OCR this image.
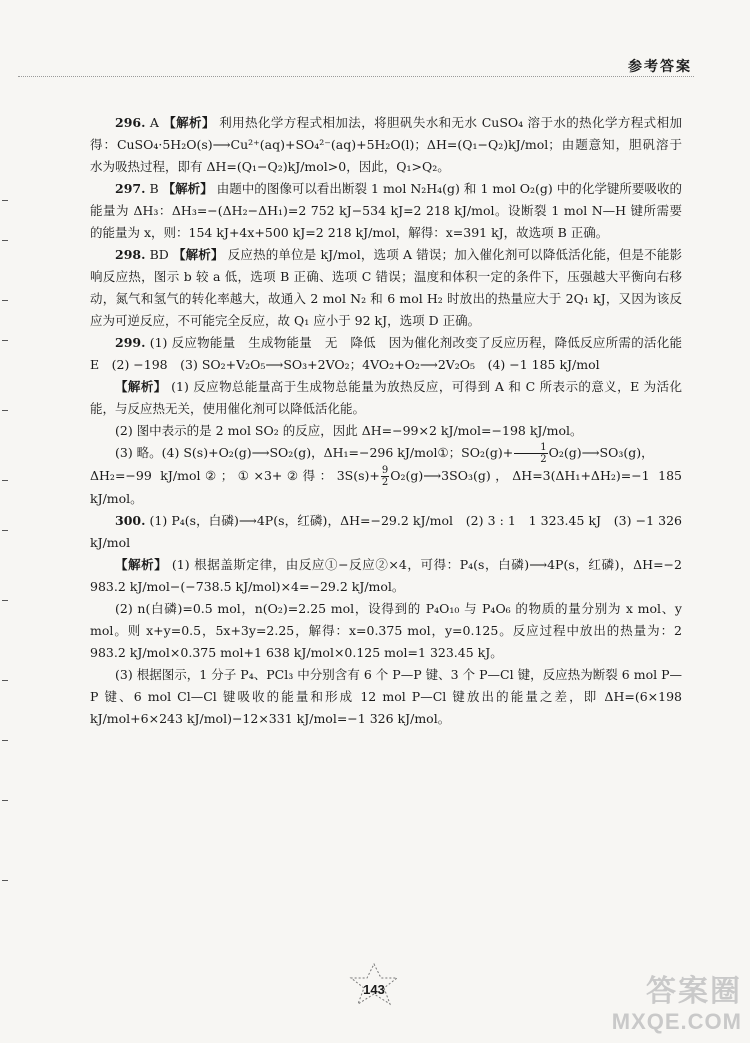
参考答案

296. A 【解析】 利用热化学方程式相加法，将胆矾失水和无水 CuSO₄ 溶于水的热化学方程式相加得：CuSO₄·5H₂O(s)⟶Cu²⁺(aq)+SO₄²⁻(aq)+5H₂O(l)；ΔH=(Q₁−Q₂)kJ/mol；由题意知，胆矾溶于水为吸热过程，即有 ΔH=(Q₁−Q₂)kJ/mol>0，因此，Q₁>Q₂。

297. B 【解析】 由题中的图像可以看出断裂 1 mol N₂H₄(g) 和 1 mol O₂(g) 中的化学键所要吸收的能量为 ΔH₃：ΔH₃=−(ΔH₂−ΔH₁)=2 752 kJ−534 kJ=2 218 kJ/mol。设断裂 1 mol N—H 键所需要的能量为 x，则：154 kJ+4x+500 kJ=2 218 kJ/mol，解得：x=391 kJ，故选项 B 正确。

298. BD 【解析】 反应热的单位是 kJ/mol，选项 A 错误；加入催化剂可以降低活化能，但是不能影响反应热，图示 b 较 a 低，选项 B 正确、选项 C 错误；温度和体积一定的条件下，压强越大平衡向右移动，氮气和氢气的转化率越大，故通入 2 mol N₂ 和 6 mol H₂ 时放出的热量应大于 2Q₁ kJ，又因为该反应为可逆反应，不可能完全反应，故 Q₁ 应小于 92 kJ，选项 D 正确。

299. (1) 反应物能量　生成物能量　无　降低　因为催化剂改变了反应历程，降低反应所需的活化能 E　(2) −198　(3) SO₂+V₂O₅⟶SO₃+2VO₂；4VO₂+O₂⟶2V₂O₅　(4) −1 185 kJ/mol

【解析】 (1) 反应物总能量高于生成物总能量为放热反应，可得到 A 和 C 所表示的意义，E 为活化能，与反应热无关，使用催化剂可以降低活化能。

(2) 图中表示的是 2 mol SO₂ 的反应，因此 ΔH=−99×2 kJ/mol=−198 kJ/mol。

(3) 略。(4) S(s)+O₂(g)⟶SO₂(g)，ΔH₁=−296 kJ/mol①；$SO_2(g)+ \frac{1}{2}$ O₂(g)⟶SO₃(g)，

ΔH₂=−99 kJ/mol②；①×3+②得：$3S(s)+ \frac{9}{2}$ O₂(g)⟶3SO₃(g)，ΔH=3(ΔH₁+ΔH₂)=−1 185 kJ/mol。

300. (1) P₄(s，白磷)⟶4P(s，红磷)，ΔH=−29.2 kJ/mol　(2) 3 : 1　1 323.45 kJ　(3) −1 326 kJ/mol

【解析】 (1) 根据盖斯定律，由反应①−反应②×4，可得：P₄(s，白磷)⟶4P(s，红磷)，ΔH=−2 983.2 kJ/mol−(−738.5 kJ/mol)×4=−29.2 kJ/mol。

(2) n(白磷)=0.5 mol，n(O₂)=2.25 mol，设得到的 P₄O₁₀ 与 P₄O₆ 的物质的量分别为 x mol、y mol。则 x+y=0.5，5x+3y=2.25，解得：x=0.375 mol，y=0.125。反应过程中放出的热量为：2 983.2 kJ/mol×0.375 mol+1 638 kJ/mol×0.125 mol=1 323.45 kJ。

(3) 根据图示，1 分子 P₄、PCl₃ 中分别含有 6 个 P—P 键、3 个 P—Cl 键，反应热为断裂 6 mol P—P 键、6 mol Cl—Cl 键吸收的能量和形成 12 mol P—Cl 键放出的能量之差，即 ΔH=(6×198 kJ/mol+6×243 kJ/mol)−12×331 kJ/mol=−1 326 kJ/mol。

143	答案圈
MXQE.COM
